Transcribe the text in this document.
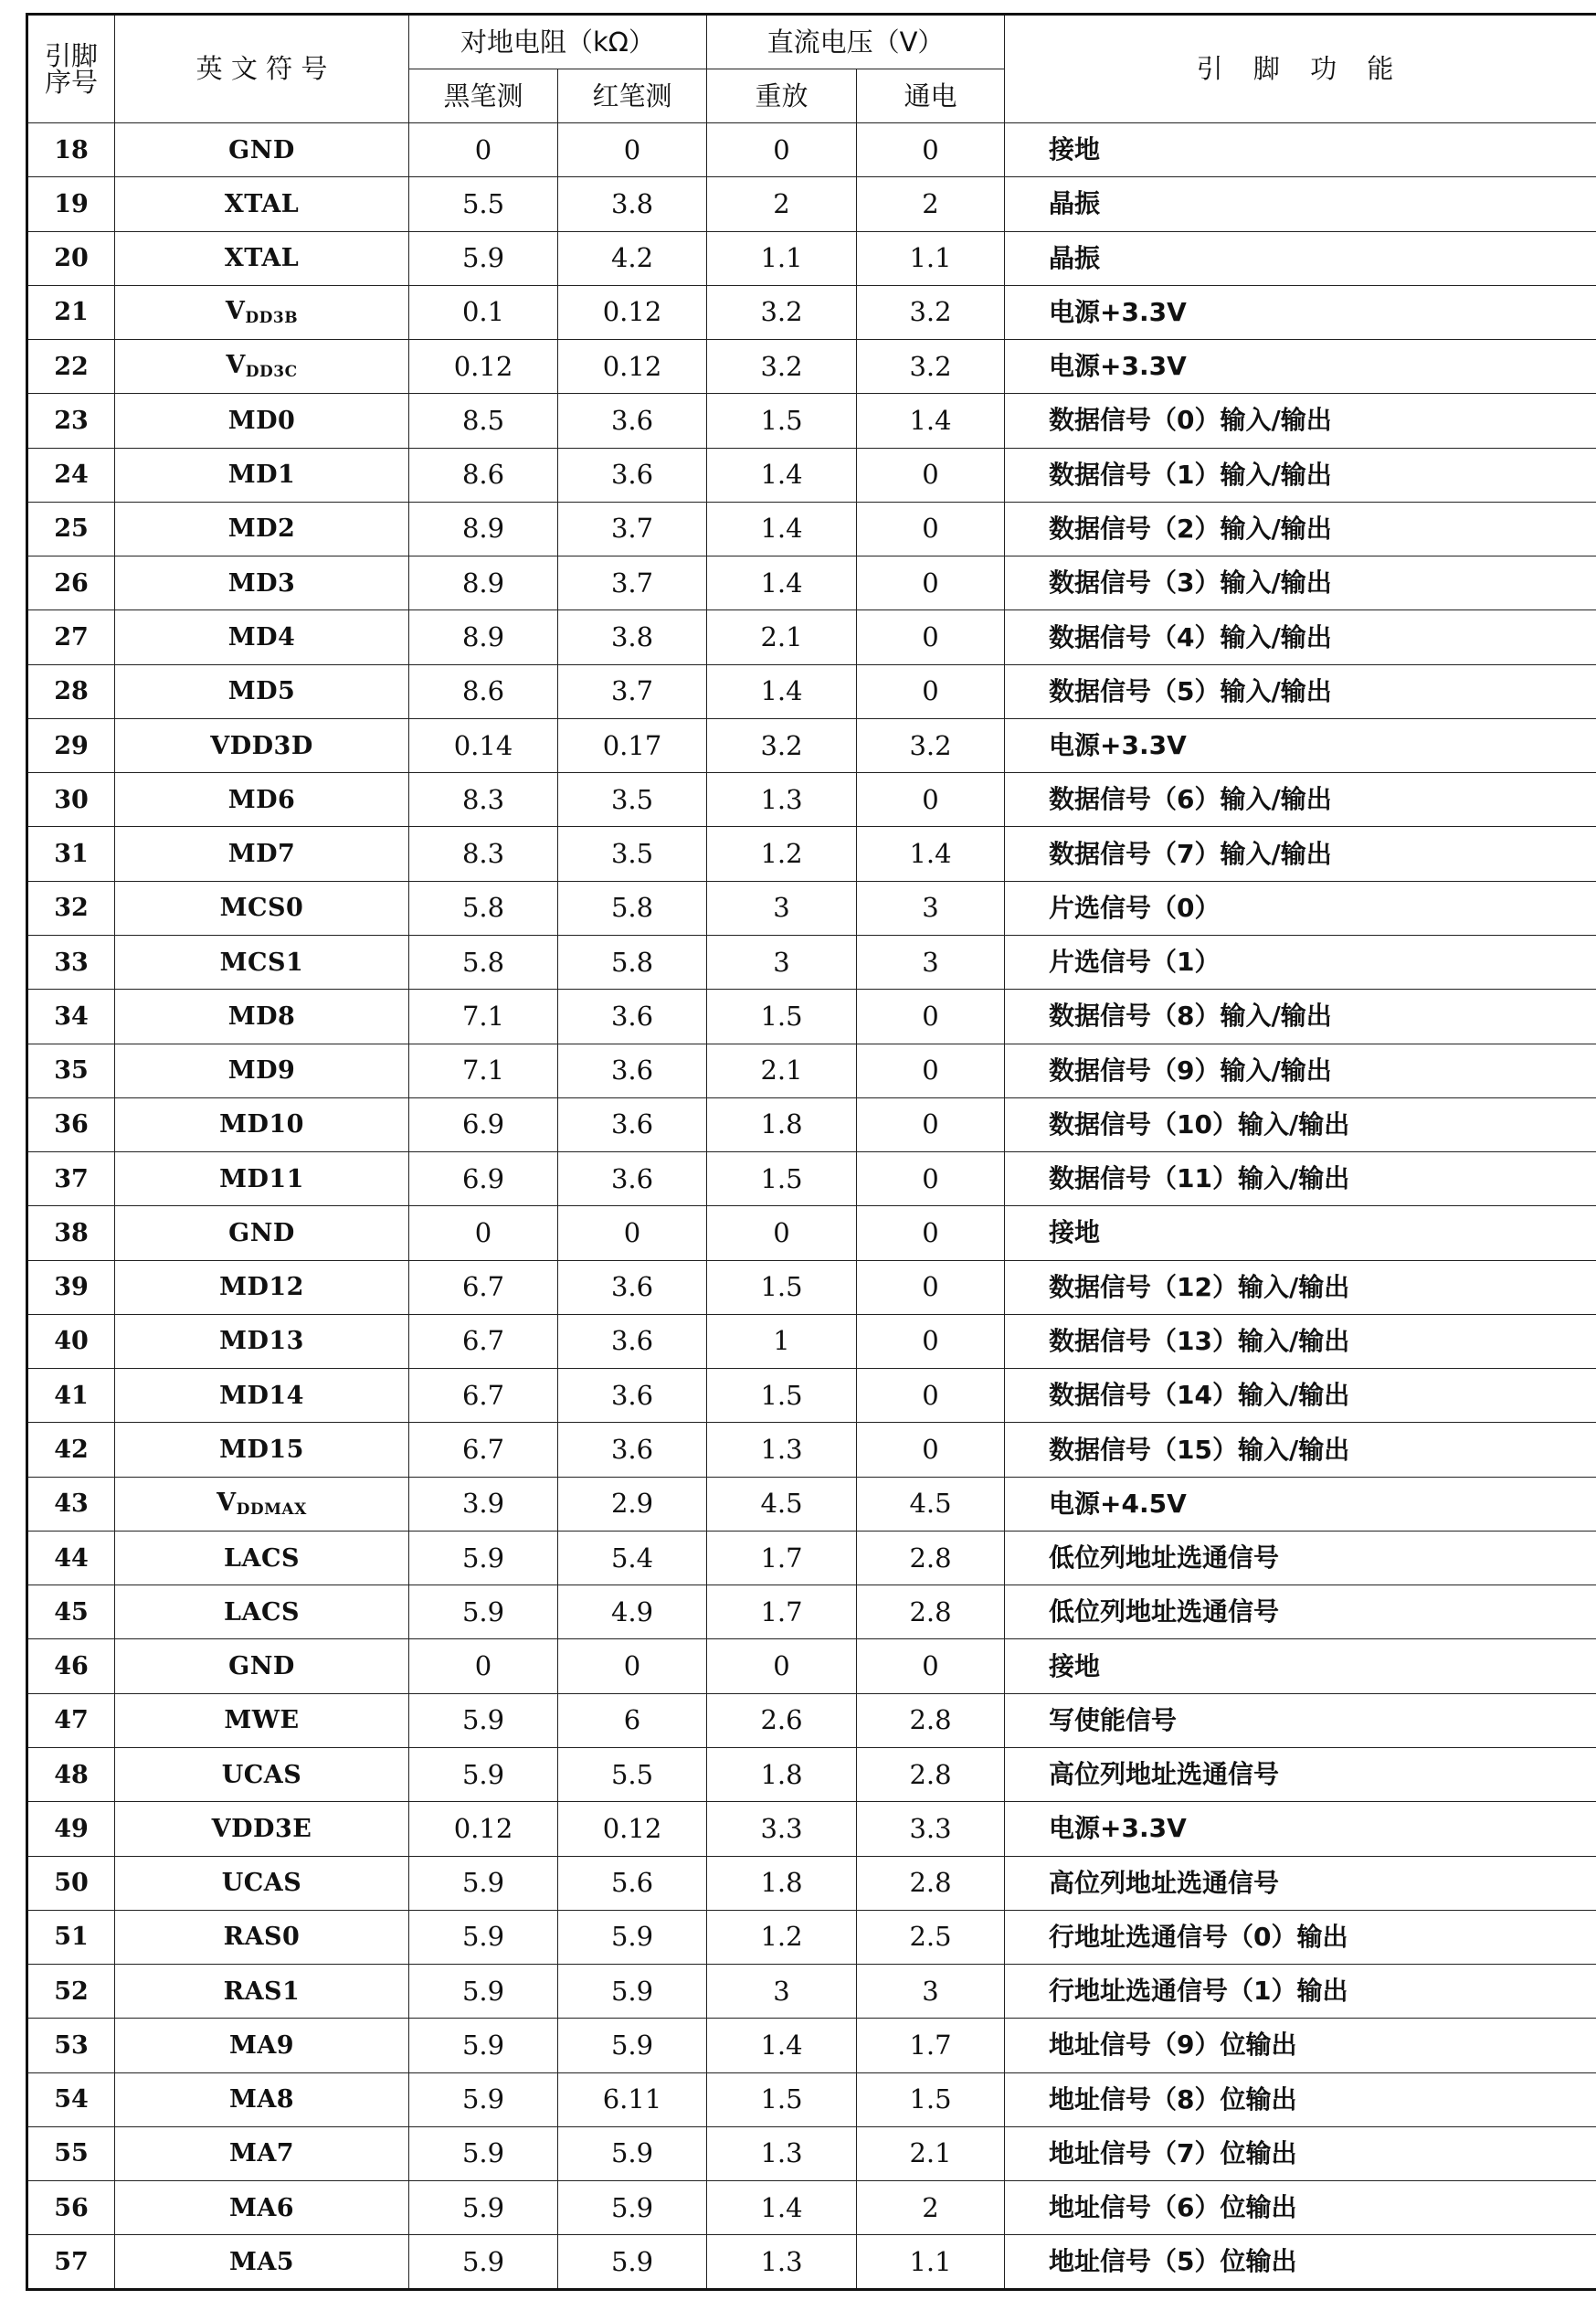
引脚
序号	英 文 符 号	对地电阻（kΩ）		直流电压（V）		引 脚 功 能
		黑笔测	红笔测	重放	通电	
18	GND	0	0	0	0	接地
19	XTAL	5.5	3.8	2	2	晶振
20	XTAL	5.9	4.2	1.1	1.1	晶振
21	$V_{DD3B}$	0.1	0.12	3.2	3.2	电源+3.3V
22	$V_{DD3C}$	0.12	0.12	3.2	3.2	电源+3.3V
23	MD0	8.5	3.6	1.5	1.4	数据信号（0）输入/输出
24	MD1	8.6	3.6	1.4	0	数据信号（1）输入/输出
25	MD2	8.9	3.7	1.4	0	数据信号（2）输入/输出
26	MD3	8.9	3.7	1.4	0	数据信号（3）输入/输出
27	MD4	8.9	3.8	2.1	0	数据信号（4）输入/输出
28	MD5	8.6	3.7	1.4	0	数据信号（5）输入/输出
29	VDD3D	0.14	0.17	3.2	3.2	电源+3.3V
30	MD6	8.3	3.5	1.3	0	数据信号（6）输入/输出
31	MD7	8.3	3.5	1.2	1.4	数据信号（7）输入/输出
32	MCS0	5.8	5.8	3	3	片选信号（0）
33	MCS1	5.8	5.8	3	3	片选信号（1）
34	MD8	7.1	3.6	1.5	0	数据信号（8）输入/输出
35	MD9	7.1	3.6	2.1	0	数据信号（9）输入/输出
36	MD10	6.9	3.6	1.8	0	数据信号（10）输入/输出
37	MD11	6.9	3.6	1.5	0	数据信号（11）输入/输出
38	GND	0	0	0	0	接地
39	MD12	6.7	3.6	1.5	0	数据信号（12）输入/输出
40	MD13	6.7	3.6	1	0	数据信号（13）输入/输出
41	MD14	6.7	3.6	1.5	0	数据信号（14）输入/输出
42	MD15	6.7	3.6	1.3	0	数据信号（15）输入/输出
43	$V_{DDMAX}$	3.9	2.9	4.5	4.5	电源+4.5V
44	LACS	5.9	5.4	1.7	2.8	低位列地址选通信号
45	LACS	5.9	4.9	1.7	2.8	低位列地址选通信号
46	GND	0	0	0	0	接地
47	MWE	5.9	6	2.6	2.8	写使能信号
48	UCAS	5.9	5.5	1.8	2.8	高位列地址选通信号
49	VDD3E	0.12	0.12	3.3	3.3	电源+3.3V
50	UCAS	5.9	5.6	1.8	2.8	高位列地址选通信号
51	RAS0	5.9	5.9	1.2	2.5	行地址选通信号（0）输出
52	RAS1	5.9	5.9	3	3	行地址选通信号（1）输出
53	MA9	5.9	5.9	1.4	1.7	地址信号（9）位输出
54	MA8	5.9	6.11	1.5	1.5	地址信号（8）位输出
55	MA7	5.9	5.9	1.3	2.1	地址信号（7）位输出
56	MA6	5.9	5.9	1.4	2	地址信号（6）位输出
57	MA5	5.9	5.9	1.3	1.1	地址信号（5）位输出
